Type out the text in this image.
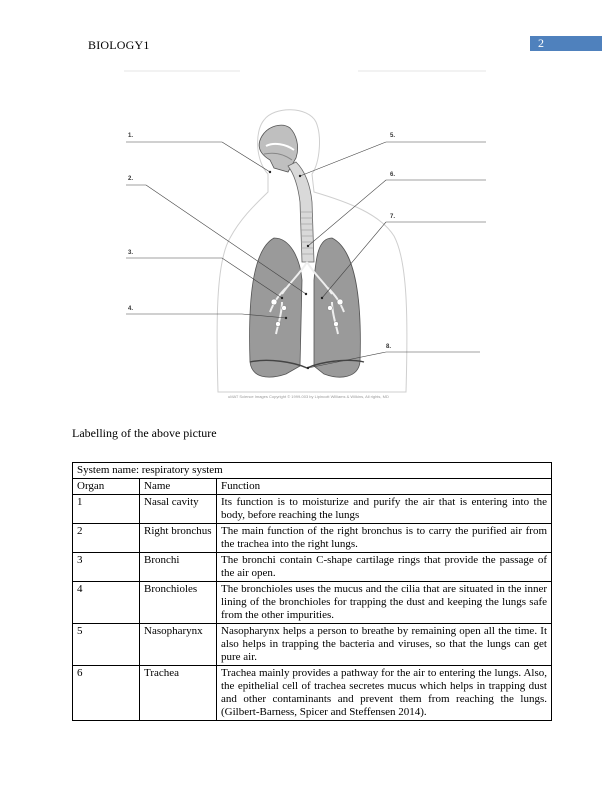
BIOLOGY1	2
1.
2.
3.
4.
5.
6.
7.
8.
uMAT Science Images Copyright © 1999-003 by Lipincott Williams & Wilkins, All rights, MD
Labelling of the above picture
System name: respiratory system		
Organ	Name	Function
1	Nasal cavity	Its function is to moisturize and purify the air that is entering into the body, before reaching the lungs
2	Right bronchus	The main function of the right bronchus is to carry the purified air from the trachea into the right lungs.
3	Bronchi	The bronchi contain C-shape cartilage rings that provide the passage of the air open.
4	Bronchioles	The bronchioles uses the mucus and the cilia that are situated in the inner lining of the bronchioles for trapping the dust and keeping the lungs safe from the other impurities.
5	Nasopharynx	Nasopharynx helps a person to breathe by remaining open all the time. It also helps in trapping the bacteria and viruses, so that the lungs can get pure air.
6	Trachea	Trachea mainly provides a pathway for the air to entering the lungs. Also, the epithelial cell of trachea secretes mucus which helps in trapping dust and other contaminants and prevent them from reaching the lungs.(Gilbert-Barness, Spicer and Steffensen 2014).
